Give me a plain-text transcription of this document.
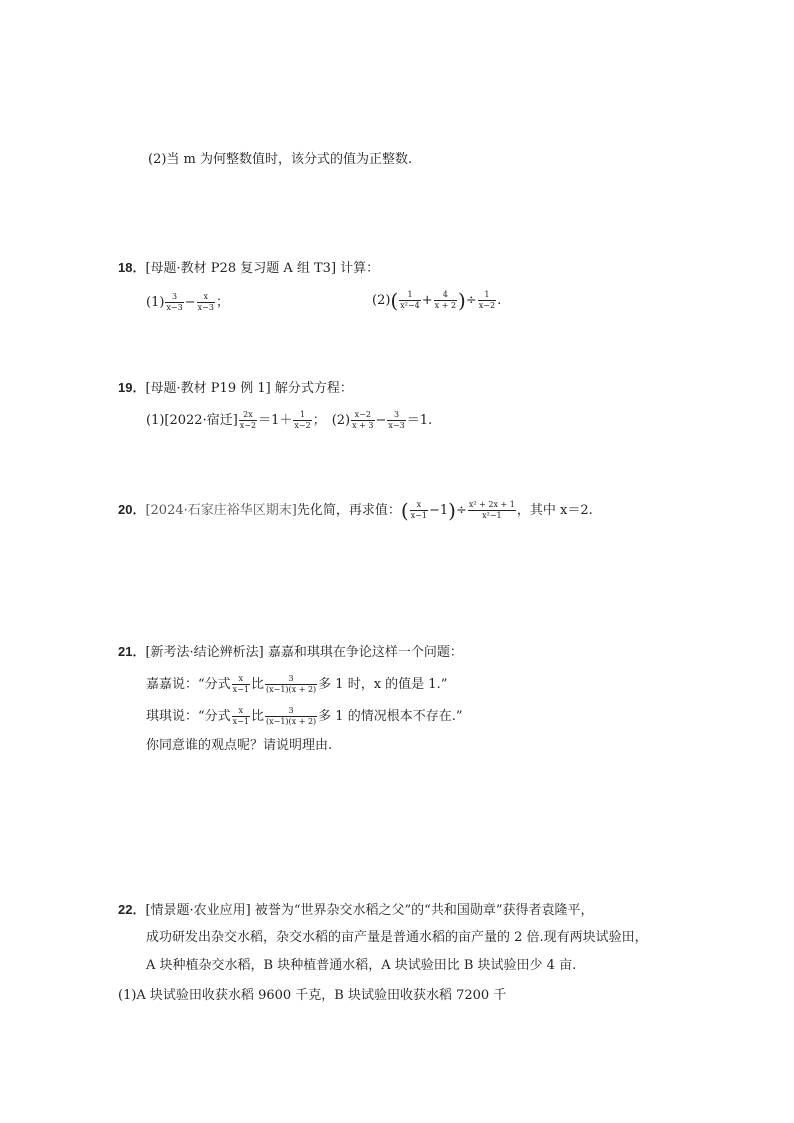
(2)当 m 为何整数值时，该分式的值为正整数.
18．[母题·教材 P28 复习题 A 组 T3] 计算：
$(1) \frac{3}{x-3} - \frac{x}{x-3}$ ；	$(2)( \frac{1}{\text{x²−4}} + \frac{4}{x + 2}$ )÷ $\frac{1}{x-2}$ .
19．[母题·教材 P19 例 1] 解分式方程：
(1)[2022·宿迁] $\frac{2x}{x-2} =1+ \frac{1}{x-2}$ ； $(2) \frac{x-2}{x + 3} - \frac{3}{x-3} =1$.
20．[2024·石家庄裕华区期末]先化简，再求值：( $\frac{x}{x-1} -1)\div \frac{\text{x² + 2x + 1}}{\text{x²−1}}$ ，其中 x＝2.
21．[新考法·结论辨析法] 嘉嘉和琪琪在争论这样一个问题：
嘉嘉说：“分式 $\frac{x}{x-1}$ 比 $\frac{3}{(x-1)(x + 2)}$ 多 1 时，x 的值是 1.”
琪琪说：“分式 $\frac{x}{x-1}$ 比 $\frac{3}{(x-1)(x + 2)}$ 多 1 的情况根本不存在.”
你同意谁的观点呢？请说明理由.
22．[情景题·农业应用] 被誉为“世界杂交水稻之父”的“共和国勋章”获得者袁隆平，
成功研发出杂交水稻，杂交水稻的亩产量是普通水稻的亩产量的 2 倍.现有两块试验田，
A 块种植杂交水稻，B 块种植普通水稻，A 块试验田比 B 块试验田少 4 亩.
(1)A 块试验田收获水稻 9600 千克，B 块试验田收获水稻 7200 千
